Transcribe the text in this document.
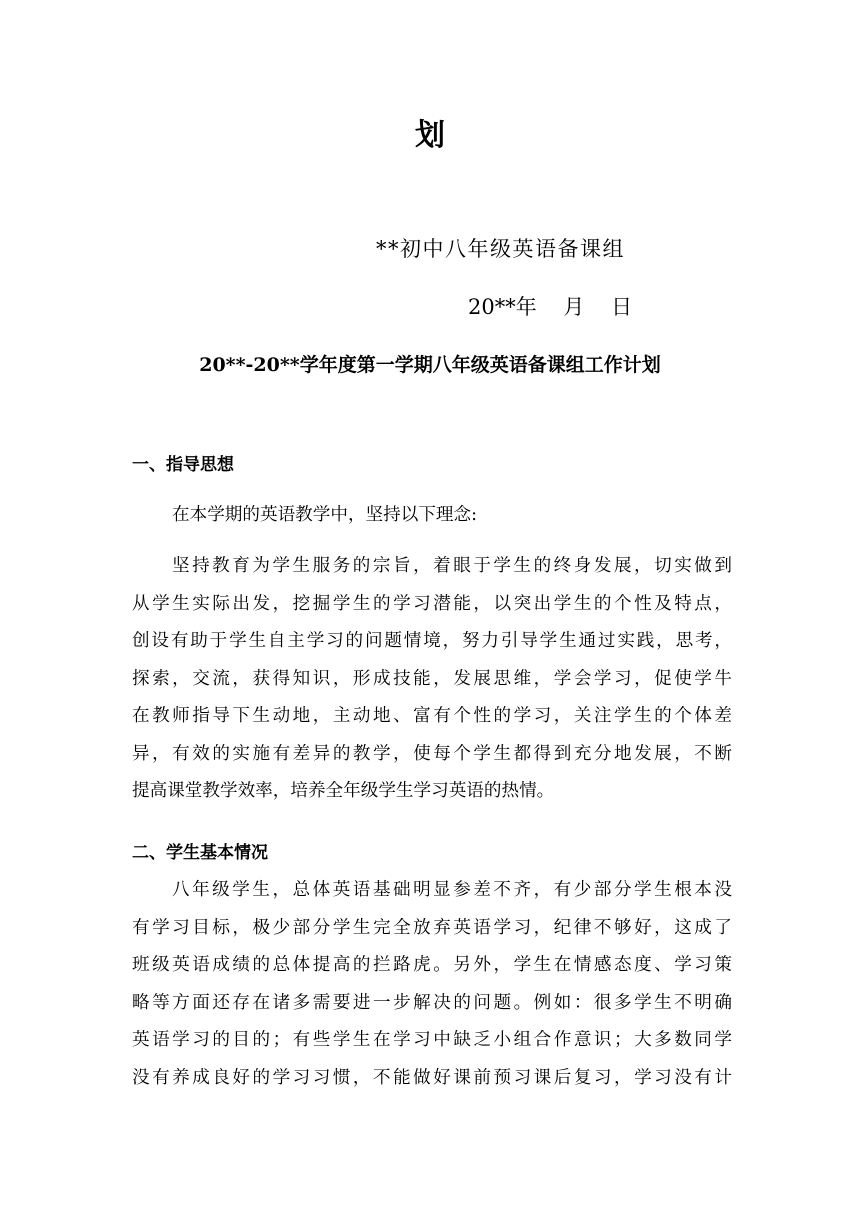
划
**初中八年级英语备课组
20**年    月    日
20**-20**学年度第一学期八年级英语备课组工作计划
一、指导思想
在本学期的英语教学中，坚持以下理念:
坚持教育为学生服务的宗旨，着眼于学生的终身发展，切实做到
从学生实际出发，挖掘学生的学习潜能，以突出学生的个性及特点，
创设有助于学生自主学习的问题情境，努力引导学生通过实践，思考，
探索，交流，获得知识，形成技能，发展思维，学会学习，促使学牛
在教师指导下生动地，主动地、富有个性的学习，关注学生的个体差
异，有效的实施有差异的教学，使每个学生都得到充分地发展，不断
提高课堂教学效率，培养全年级学生学习英语的热情。
二、学生基本情况
八年级学生，总体英语基础明显参差不齐，有少部分学生根本没
有学习目标，极少部分学生完全放弃英语学习，纪律不够好，这成了
班级英语成绩的总体提高的拦路虎。另外，学生在情感态度、学习策
略等方面还存在诸多需要进一步解决的问题。例如：很多学生不明确
英语学习的目的；有些学生在学习中缺乏小组合作意识；大多数同学
没有养成良好的学习习惯，不能做好课前预习课后复习，学习没有计
